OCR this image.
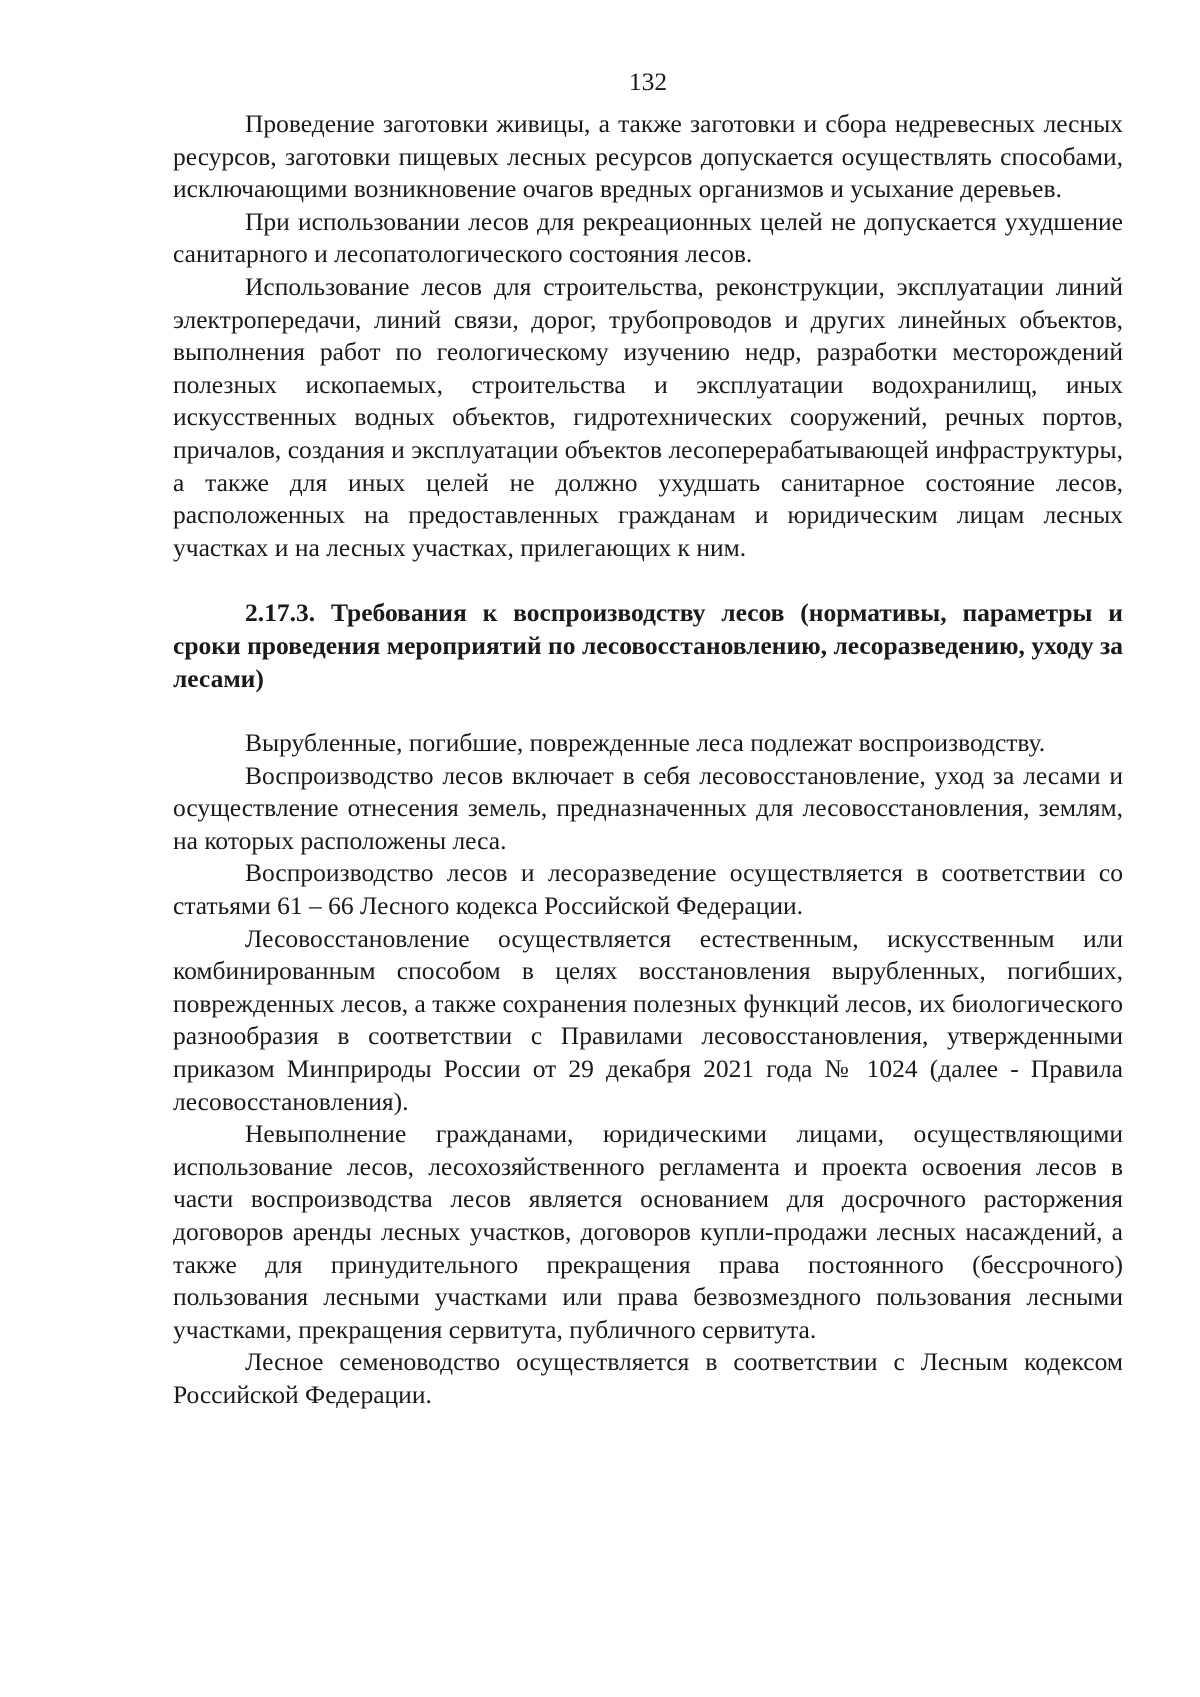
132

Проведение заготовки живицы, а также заготовки и сбора недревесных лесных ресурсов, заготовки пищевых лесных ресурсов допускается осуществлять способами, исключающими возникновение очагов вредных организмов и усыхание деревьев.

При использовании лесов для рекреационных целей не допускается ухудшение санитарного и лесопатологического состояния лесов.

Использование лесов для строительства, реконструкции, эксплуатации линий электропередачи, линий связи, дорог, трубопроводов и других линейных объектов, выполнения работ по геологическому изучению недр, разработки месторождений полезных ископаемых, строительства и эксплуатации водохранилищ, иных искусственных водных объектов, гидротехнических сооружений, речных портов, причалов, создания и эксплуатации объектов лесоперерабатывающей инфраструктуры, а также для иных целей не должно ухудшать санитарное состояние лесов, расположенных на предоставленных гражданам и юридическим лицам лесных участках и на лесных участках, прилегающих к ним.

2.17.3. Требования к воспроизводству лесов (нормативы, параметры и сроки проведения мероприятий по лесовосстановлению, лесоразведению, уходу за лесами)

Вырубленные, погибшие, поврежденные леса подлежат воспроизводству.

Воспроизводство лесов включает в себя лесовосстановление, уход за лесами и осуществление отнесения земель, предназначенных для лесовосстановления, землям, на которых расположены леса.

Воспроизводство лесов и лесоразведение осуществляется в соответствии со статьями 61 – 66 Лесного кодекса Российской Федерации.

Лесовосстановление осуществляется естественным, искусственным или комбинированным способом в целях восстановления вырубленных, погибших, поврежденных лесов, а также сохранения полезных функций лесов, их биологического разнообразия в соответствии с Правилами лесовосстановления, утвержденными приказом Минприроды России от 29 декабря 2021 года № 1024 (далее - Правила лесовосстановления).

Невыполнение гражданами, юридическими лицами, осуществляющими использование лесов, лесохозяйственного регламента и проекта освоения лесов в части воспроизводства лесов является основанием для досрочного расторжения договоров аренды лесных участков, договоров купли-продажи лесных насаждений, а также для принудительного прекращения права постоянного (бессрочного) пользования лесными участками или права безвозмездного пользования лесными участками, прекращения сервитута, публичного сервитута.

Лесное семеноводство осуществляется в соответствии с Лесным кодексом Российской Федерации.
